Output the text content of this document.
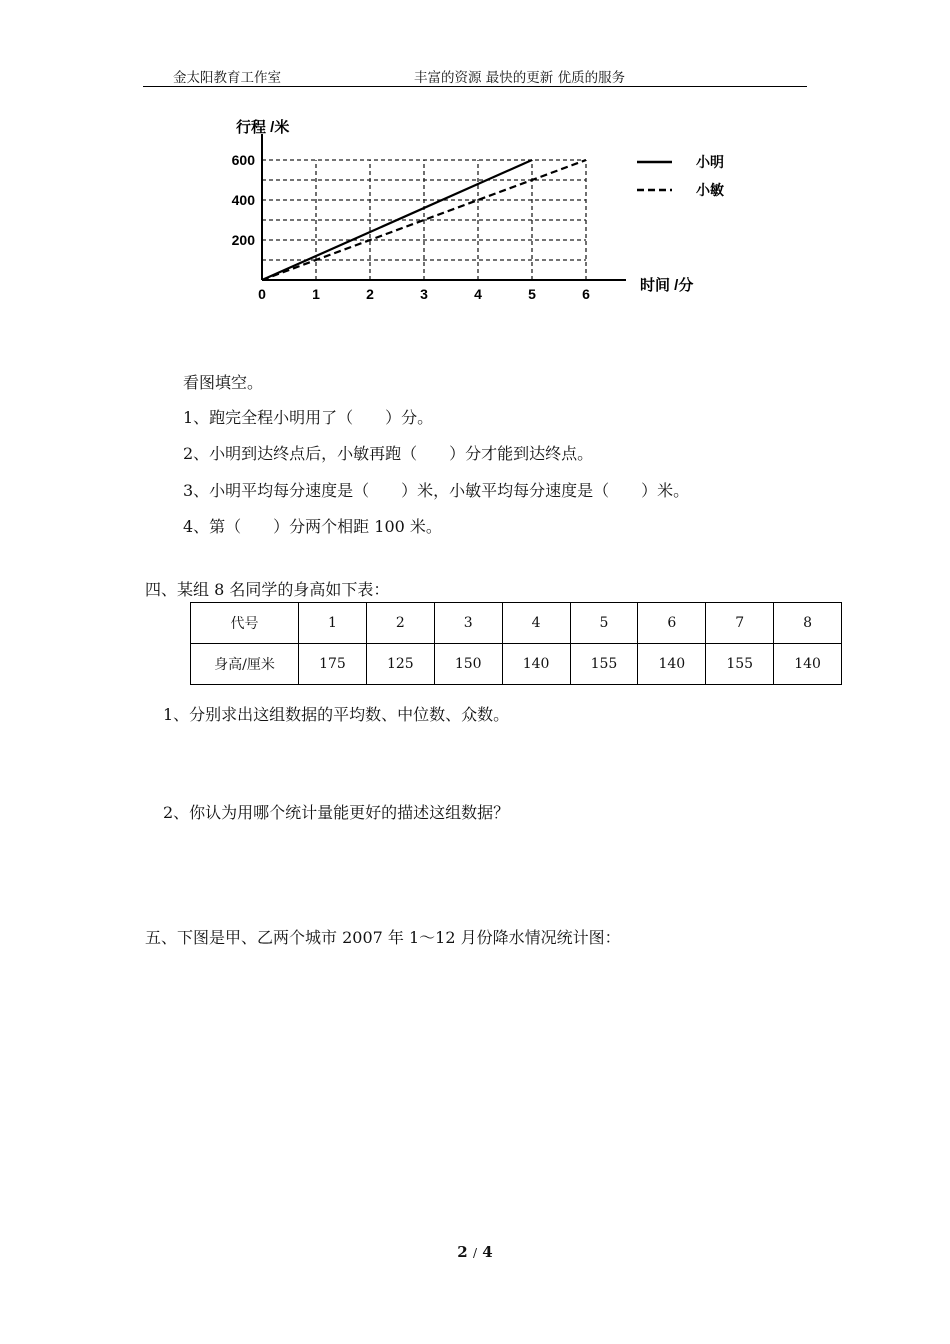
金太阳教育工作室	丰富的资源 最快的更新 优质的服务
0	1	2	3	4	5	6
200
400
600
行程 /米
时间 /分
小明
小敏
看图填空。
1、跑完全程小明用了（　　）分。
2、小明到达终点后，小敏再跑（　　）分才能到达终点。
3、小明平均每分速度是（　　）米，小敏平均每分速度是（　　）米。
4、第（　　）分两个相距 100 米。
四、某组 8 名同学的身高如下表：
代号	1	2	3	4	5	6	7	8
身高/厘米	175	125	150	140	155	140	155	140
1、分别求出这组数据的平均数、中位数、众数。
2、你认为用哪个统计量能更好的描述这组数据？
五、下图是甲、乙两个城市 2007 年 1～12 月份降水情况统计图：
2 / 4
